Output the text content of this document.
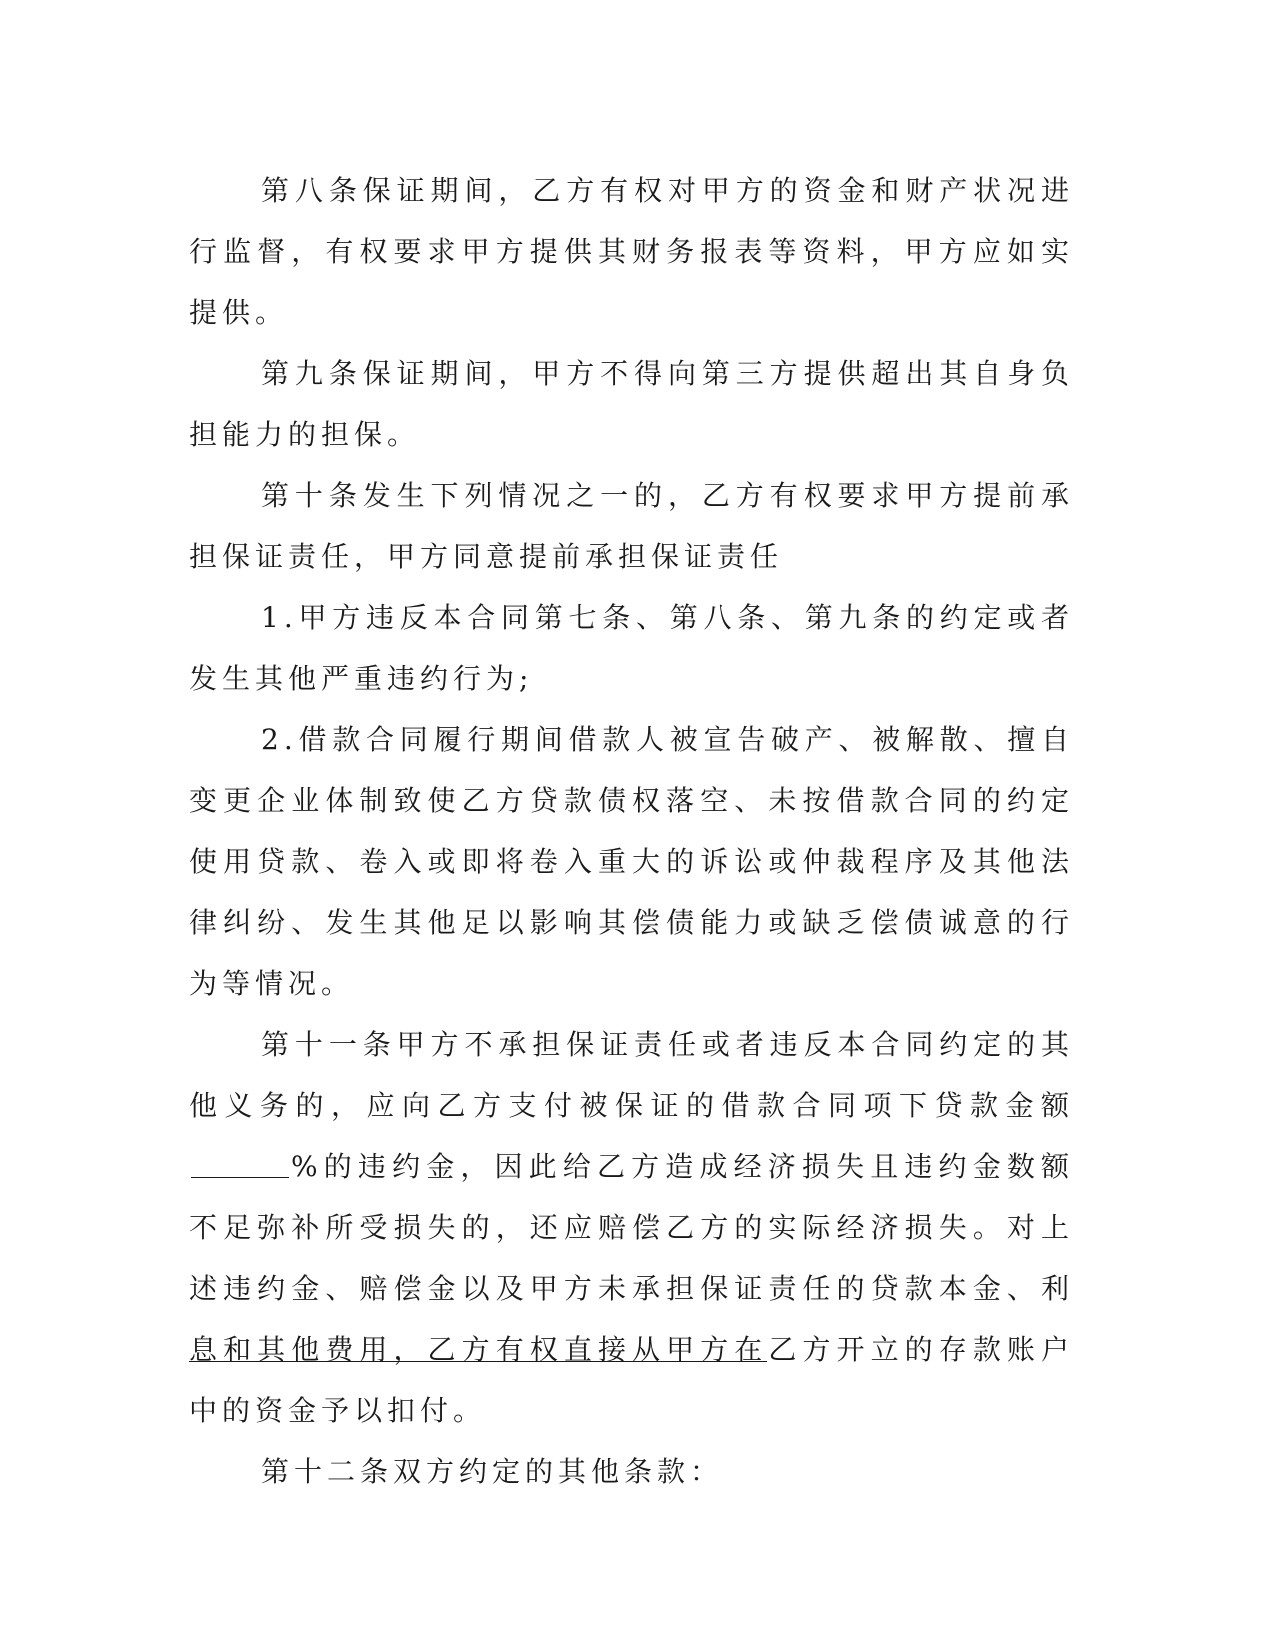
第八条保证期间，乙方有权对甲方的资金和财产状况进行监督，有权要求甲方提供其财务报表等资料，甲方应如实提供。

第九条保证期间，甲方不得向第三方提供超出其自身负担能力的担保。

第十条发生下列情况之一的，乙方有权要求甲方提前承担保证责任，甲方同意提前承担保证责任

1.甲方违反本合同第七条、第八条、第九条的约定或者发生其他严重违约行为;

2.借款合同履行期间借款人被宣告破产、被解散、擅自变更企业体制致使乙方贷款债权落空、未按借款合同的约定使用贷款、卷入或即将卷入重大的诉讼或仲裁程序及其他法律纠纷、发生其他足以影响其偿债能力或缺乏偿债诚意的行为等情况。

第十一条甲方不承担保证责任或者违反本合同约定的其他义务的，应向乙方支付被保证的借款合同项下贷款金额%的违约金，因此给乙方造成经济损失且违约金数额不足弥补所受损失的，还应赔偿乙方的实际经济损失。对上述违约金、赔偿金以及甲方未承担保证责任的贷款本金、利息和其他费用，乙方有权直接从甲方在乙方开立的存款账户中的资金予以扣付。

第十二条双方约定的其他条款：
